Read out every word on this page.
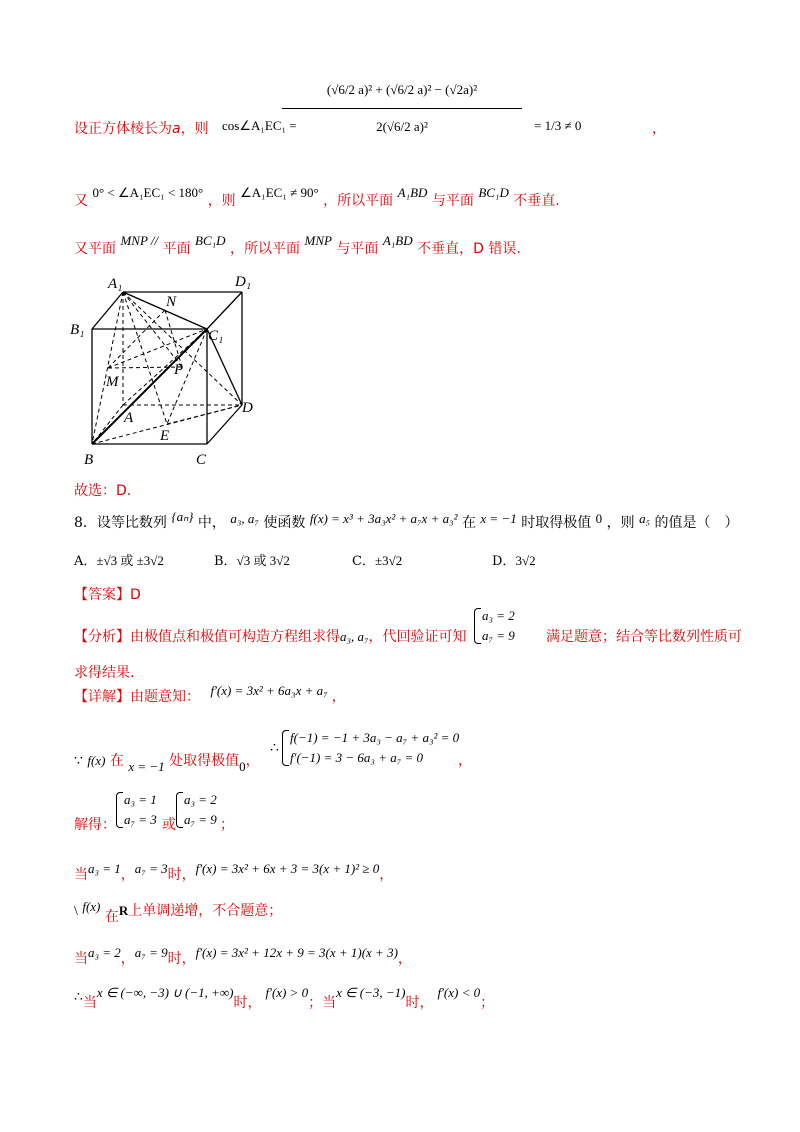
设正方体棱长为a，则 cos∠A₁EC₁ =
$\frac{\text{(√6/2 a)² + (√6/2 a)² − (√2a)²}}{\text{2(√6/2 a)²}} = 1/3 \ne 0$	，
又 0° < ∠A₁EC₁ < 180° ，则 ∠A₁EC₁ ≠ 90° ，所以平面 A₁BD 与平面 BC₁D 不垂直.
又平面 MNP // 平面 BC₁D ，所以平面 MNP 与平面 A₁BD 不垂直，D 错误.
A₁	D₁
B₁	C₁
N
M
P
A
D
E
B	C
故选：D.
8．设等比数列 {aₙ} 中， a₃, a₇ 使函数 f(x) = x³ + 3a₃x² + a₇x + a₃² 在 x = −1 时取得极值 0 ，则 a₅ 的值是（　）
A．±√3 或 ±3√2	B．√3 或 3√2	C．±3√2	D．3√2
【答案】D
【分析】由极值点和极值可构造方程组求得a₃, a₇，代回验证可知
a₃ = 2
a₇ = 9 满足题意；结合等比数列性质可
求得结果.
【详解】由题意知： f′(x) = 3x² + 6a₃x + a₇ ，
∵ f(x) 在 x = −1 处取得极值0，
∴
f(−1) = −1 + 3a₃ − a₇ + a₃² = 0
f′(−1) = 3 − 6a₃ + a₇ = 0	，
解得：
a₃ = 1
a₇ = 3 或
a₃ = 2
a₇ = 9 ；
当a₃ = 1，a₇ = 3时，f′(x) = 3x² + 6x + 3 = 3(x + 1)² ≥ 0，
\ f(x) 在R上单调递增，不合题意；
当a₃ = 2，a₇ = 9时，f′(x) = 3x² + 12x + 9 = 3(x + 1)(x + 3)，
∴当x ∈ (−∞, −3) ∪ (−1, +∞)时，f′(x) > 0；当x ∈ (−3, −1)时，f′(x) < 0；
